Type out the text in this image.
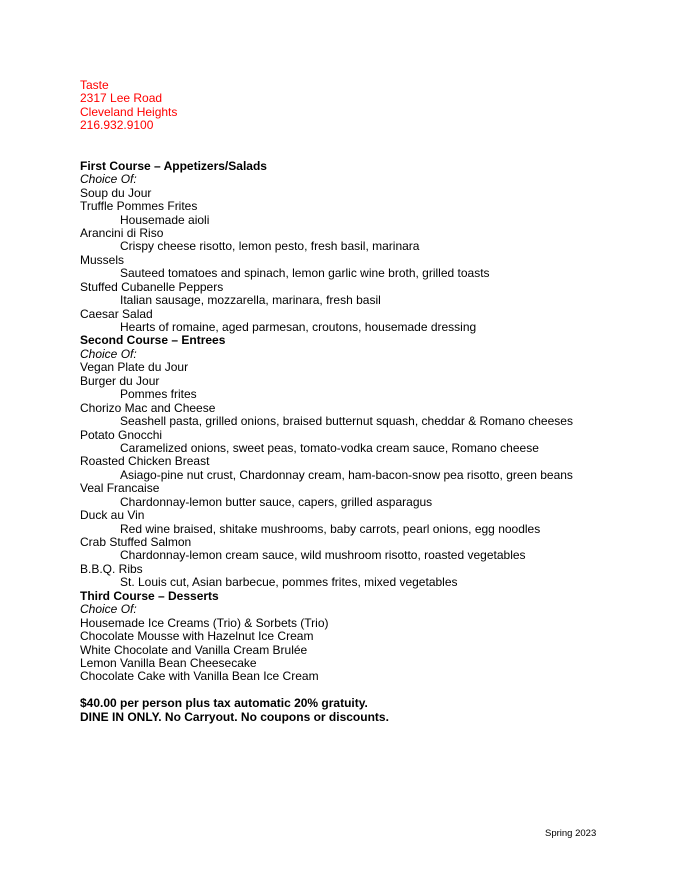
Taste
2317 Lee Road
Cleveland Heights
216.932.9100
First Course – Appetizers/Salads
Choice Of:
Soup du Jour
Truffle Pommes Frites
Housemade aioli
Arancini di Riso
Crispy cheese risotto, lemon pesto, fresh basil, marinara
Mussels
Sauteed tomatoes and spinach, lemon garlic wine broth, grilled toasts
Stuffed Cubanelle Peppers
Italian sausage, mozzarella, marinara, fresh basil
Caesar Salad
Hearts of romaine, aged parmesan, croutons, housemade dressing
Second Course – Entrees
Choice Of:
Vegan Plate du Jour
Burger du Jour
Pommes frites
Chorizo Mac and Cheese
Seashell pasta, grilled onions, braised butternut squash, cheddar & Romano cheeses
Potato Gnocchi
Caramelized onions, sweet peas, tomato-vodka cream sauce, Romano cheese
Roasted Chicken Breast
Asiago-pine nut crust, Chardonnay cream, ham-bacon-snow pea risotto, green beans
Veal Francaise
Chardonnay-lemon butter sauce, capers, grilled asparagus
Duck au Vin
Red wine braised, shitake mushrooms, baby carrots, pearl onions, egg noodles
Crab Stuffed Salmon
Chardonnay-lemon cream sauce, wild mushroom risotto, roasted vegetables
B.B.Q. Ribs
St. Louis cut, Asian barbecue, pommes frites, mixed vegetables
Third Course – Desserts
Choice Of:
Housemade Ice Creams (Trio) & Sorbets (Trio)
Chocolate Mousse with Hazelnut Ice Cream
White Chocolate and Vanilla Cream Brulée
Lemon Vanilla Bean Cheesecake
Chocolate Cake with Vanilla Bean Ice Cream
$40.00 per person plus tax automatic 20% gratuity.
DINE IN ONLY. No Carryout. No coupons or discounts.
Spring 2023
